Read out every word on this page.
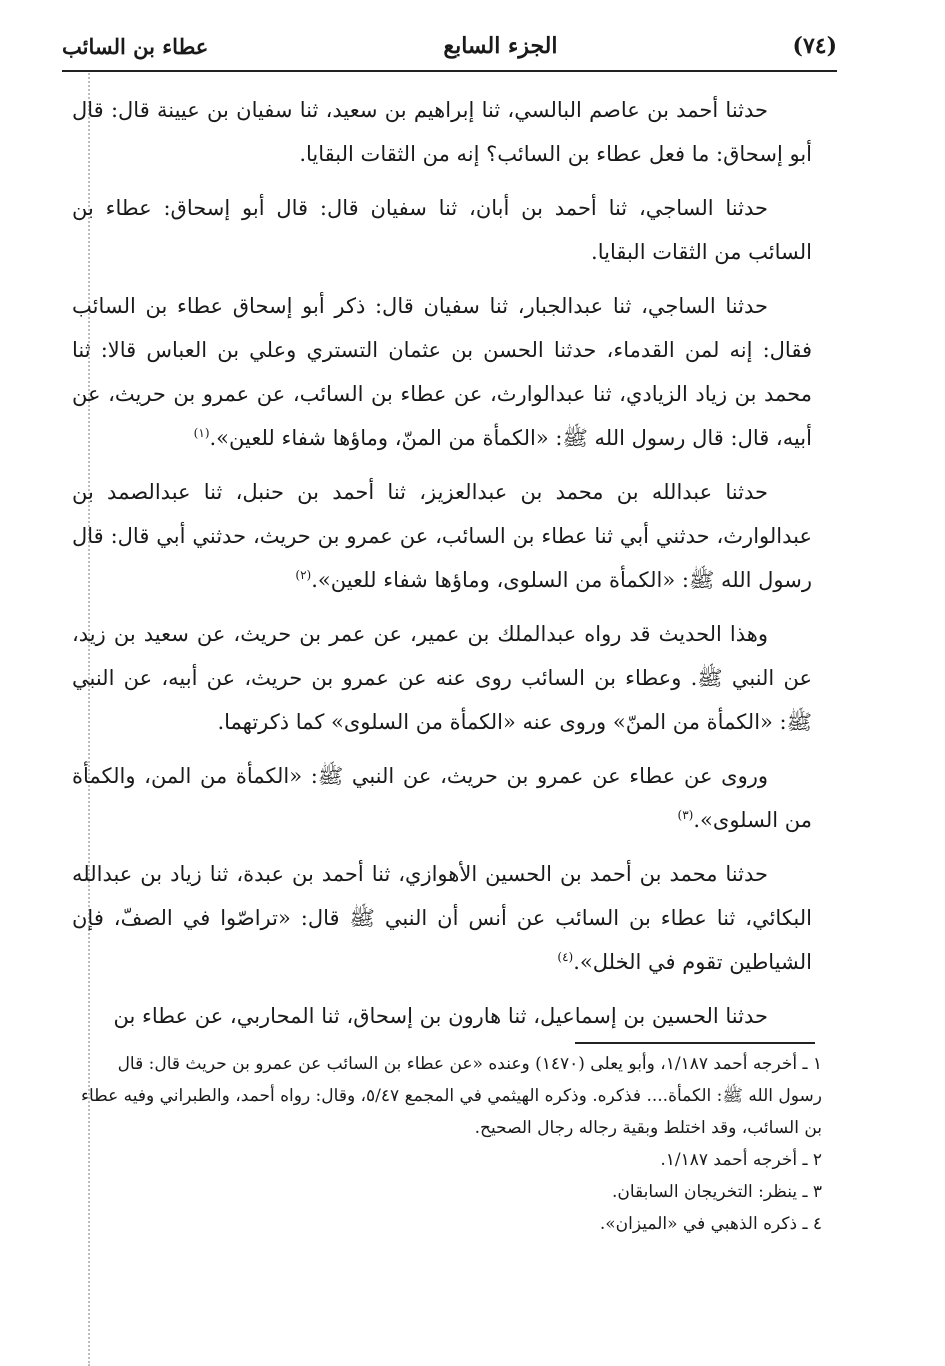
(٧٤)
الجزء السابع
عطاء بن السائب

حدثنا أحمد بن عاصم البالسي، ثنا إبراهيم بن سعيد، ثنا سفيان بن عيينة قال: قال أبو إسحاق: ما فعل عطاء بن السائب؟ إنه من الثقات البقايا.

حدثنا الساجي، ثنا أحمد بن أبان، ثنا سفيان قال: قال أبو إسحاق: عطاء بن السائب من الثقات البقايا.

حدثنا الساجي، ثنا عبدالجبار، ثنا سفيان قال: ذكر أبو إسحاق عطاء بن السائب فقال: إنه لمن القدماء، حدثنا الحسن بن عثمان التستري وعلي بن العباس قالا: ثنا محمد بن زياد الزيادي، ثنا عبدالوارث، عن عطاء بن السائب، عن عمرو بن حريث، عن أبيه، قال: قال رسول الله ﷺ: «الكمأة من المنّ، وماؤها شفاء للعين».$^{(١)}$

حدثنا عبدالله بن محمد بن عبدالعزيز، ثنا أحمد بن حنبل، ثنا عبدالصمد بن عبدالوارث، حدثني أبي ثنا عطاء بن السائب، عن عمرو بن حريث، حدثني أبي قال: قال رسول الله ﷺ: «الكمأة من السلوى، وماؤها شفاء للعين».$^{(٢)}$

وهذا الحديث قد رواه عبدالملك بن عمير، عن عمر بن حريث، عن سعيد بن زيد، عن النبي ﷺ. وعطاء بن السائب روى عنه عن عمرو بن حريث، عن أبيه، عن النبي ﷺ: «الكمأة من المنّ» وروى عنه «الكمأة من السلوى» كما ذكرتهما.

وروى عن عطاء عن عمرو بن حريث، عن النبي ﷺ: «الكمأة من المن، والكمأة من السلوى».$^{(٣)}$

حدثنا محمد بن أحمد بن الحسين الأهوازي، ثنا أحمد بن عبدة، ثنا زياد بن عبدالله البكائي، ثنا عطاء بن السائب عن أنس أن النبي ﷺ قال: «تراصّوا في الصفّ، فإن الشياطين تقوم في الخلل».$^{(٤)}$

حدثنا الحسين بن إسماعيل، ثنا هارون بن إسحاق، ثنا المحاربي، عن عطاء بن

١ ـ أخرجه أحمد ١/١٨٧، وأبو يعلى (١٤٧٠) وعنده «عن عطاء بن السائب عن عمرو بن حريث قال: قال رسول الله ﷺ: الكمأة.... فذكره. وذكره الهيثمي في المجمع ٥/٤٧، وقال: رواه أحمد، والطبراني وفيه عطاء بن السائب، وقد اختلط وبقية رجاله رجال الصحيح.

٢ ـ أخرجه أحمد ١/١٨٧.

٣ ـ ينظر: التخريجان السابقان.

٤ ـ ذكره الذهبي في «الميزان».
